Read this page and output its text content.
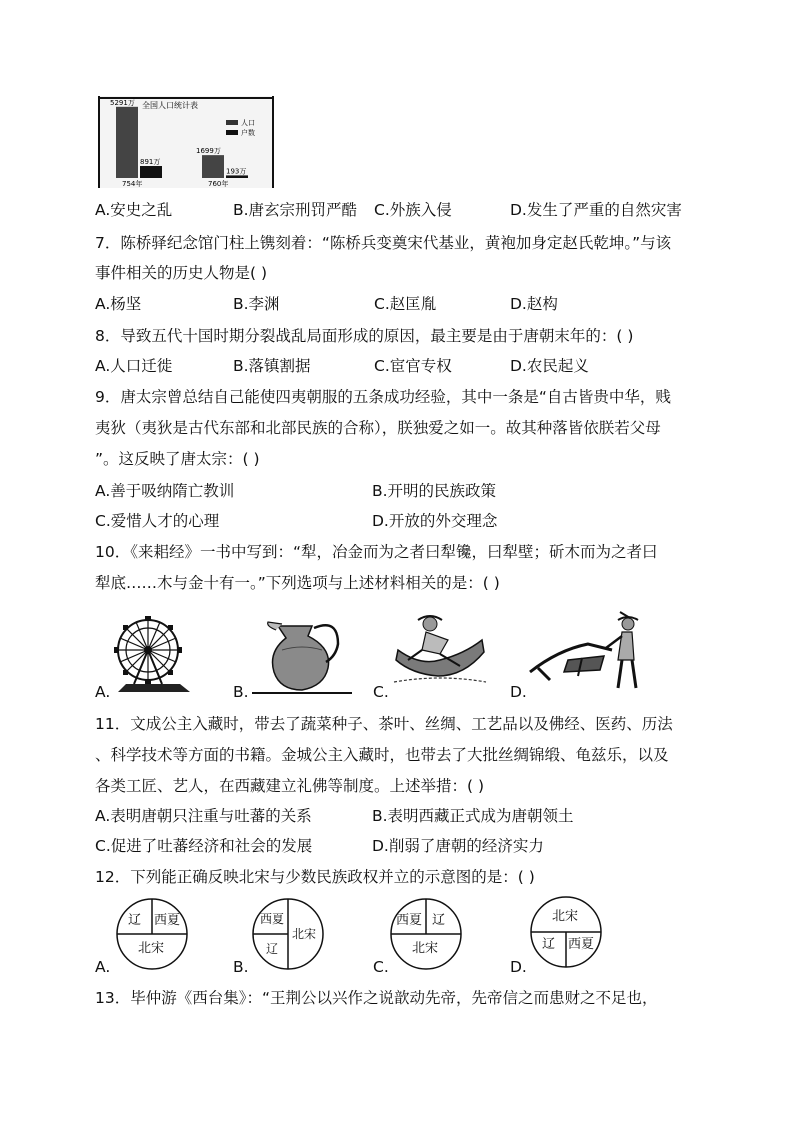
全国人口统计表
人口
户数
5291万
891万
754年
1699万
193万
760年
A.安史之乱	B.唐玄宗刑罚严酷 C.外族入侵	D.发生了严重的自然灾害
7．陈桥驿纪念馆门柱上镌刻着：“陈桥兵变奠宋代基业，黄袍加身定赵氏乾坤。”与该
事件相关的历史人物是( )
A.杨坚	B.李渊	C.赵匡胤	D.赵构
8．导致五代十国时期分裂战乱局面形成的原因，最主要是由于唐朝末年的：( )
A.人口迁徙	B.落镇割据	C.宦官专权	D.农民起义
9．唐太宗曾总结自己能使四夷朝服的五条成功经验，其中一条是“自古皆贵中华，贱
夷狄（夷狄是古代东部和北部民族的合称），朕独爱之如一。故其种落皆依朕若父母
”。这反映了唐太宗：( )
A.善于吸纳隋亡教训	B.开明的民族政策
C.爱惜人才的心理	D.开放的外交理念
10．《来耜经》一书中写到：“犁，冶金而为之者曰犁镵，曰犁壁；斫木而为之者曰
犁底……木与金十有一。”下列选项与上述材料相关的是：( )
A.	B.	C.	D.
11．文成公主入藏时，带去了蔬菜种子、茶叶、丝绸、工艺品以及佛经、医药、历法
、科学技术等方面的书籍。金城公主入藏时，也带去了大批丝绸锦缎、龟兹乐，以及
各类工匠、艺人，在西藏建立礼佛等制度。上述举措：( )
A.表明唐朝只注重与吐蕃的关系	B.表明西藏正式成为唐朝领土
C.促进了吐蕃经济和社会的发展	D.削弱了唐朝的经济实力
12．下列能正确反映北宋与少数民族政权并立的示意图的是：( )
辽 西夏
北宋
A.
西夏
辽
北宋
B.
西夏 辽
北宋
C.
北宋
辽 西夏
D.
13．毕仲游《西台集》：“王荆公以兴作之说歆动先帝，先帝信之而患财之不足也，
